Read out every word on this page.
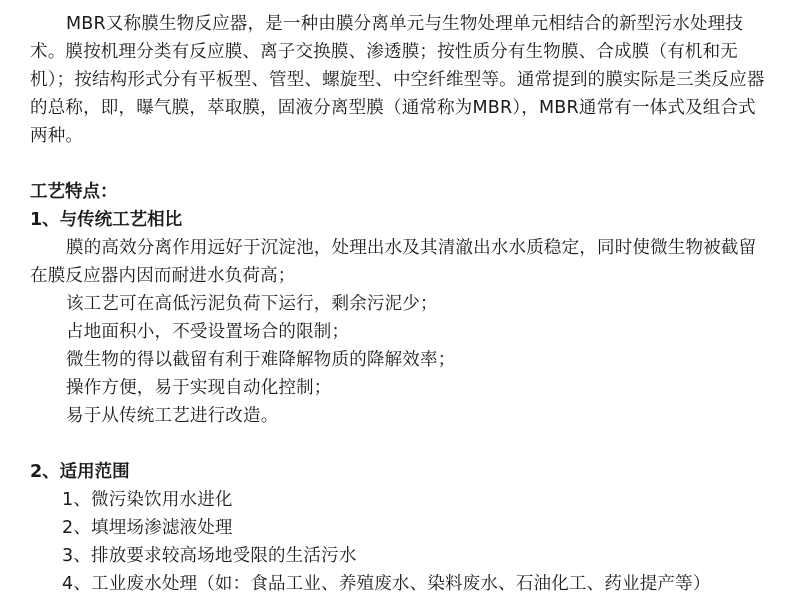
MBR又称膜生物反应器，是一种由膜分离单元与生物处理单元相结合的新型污水处理技术。膜按机理分类有反应膜、离子交换膜、渗透膜；按性质分有生物膜、合成膜（有机和无机）；按结构形式分有平板型、管型、螺旋型、中空纤维型等。通常提到的膜实际是三类反应器的总称，即，曝气膜，萃取膜，固液分离型膜（通常称为MBR），MBR通常有一体式及组合式两种。

工艺特点：

1、与传统工艺相比

膜的高效分离作用远好于沉淀池，处理出水及其清澈出水水质稳定，同时使微生物被截留在膜反应器内因而耐进水负荷高；

该工艺可在高低污泥负荷下运行，剩余污泥少；

占地面积小，不受设置场合的限制；

微生物的得以截留有利于难降解物质的降解效率；

操作方便，易于实现自动化控制；

易于从传统工艺进行改造。

2、适用范围

1、微污染饮用水进化

2、填埋场渗滤液处理

3、排放要求较高场地受限的生活污水

4、工业废水处理（如：食品工业、养殖废水、染料废水、石油化工、药业提产等）
